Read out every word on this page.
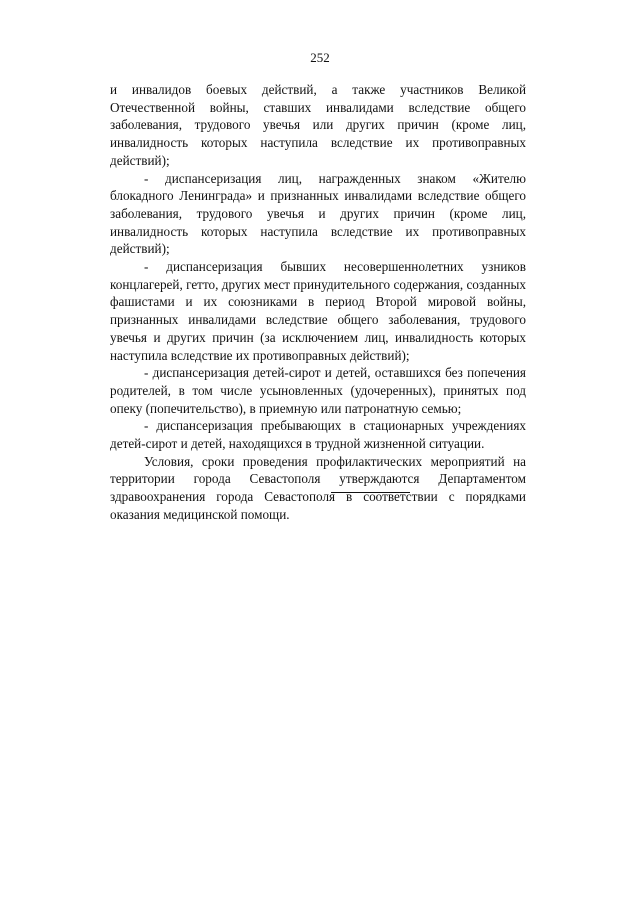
252

и инвалидов боевых действий, а также участников Великой Отечественной войны, ставших инвалидами вследствие общего заболевания, трудового увечья или других причин (кроме лиц, инвалидность которых наступила вследствие их противоправных действий);

- диспансеризация лиц, награжденных знаком «Жителю блокадного Ленинграда» и признанных инвалидами вследствие общего заболевания, трудового увечья и других причин (кроме лиц, инвалидность которых наступила вследствие их противоправных действий);

- диспансеризация бывших несовершеннолетних узников концлагерей, гетто, других мест принудительного содержания, созданных фашистами и их союзниками в период Второй мировой войны, признанных инвалидами вследствие общего заболевания, трудового увечья и других причин (за исключением лиц, инвалидность которых наступила вследствие их противоправных действий);

- диспансеризация детей-сирот и детей, оставшихся без попечения родителей, в том числе усыновленных (удочеренных), принятых под опеку (попечительство), в приемную или патронатную семью;

- диспансеризация пребывающих в стационарных учреждениях детей-сирот и детей, находящихся в трудной жизненной ситуации.

Условия, сроки проведения профилактических мероприятий на территории города Севастополя утверждаются Департаментом здравоохранения города Севастополя в соответствии с порядками оказания медицинской помощи.
